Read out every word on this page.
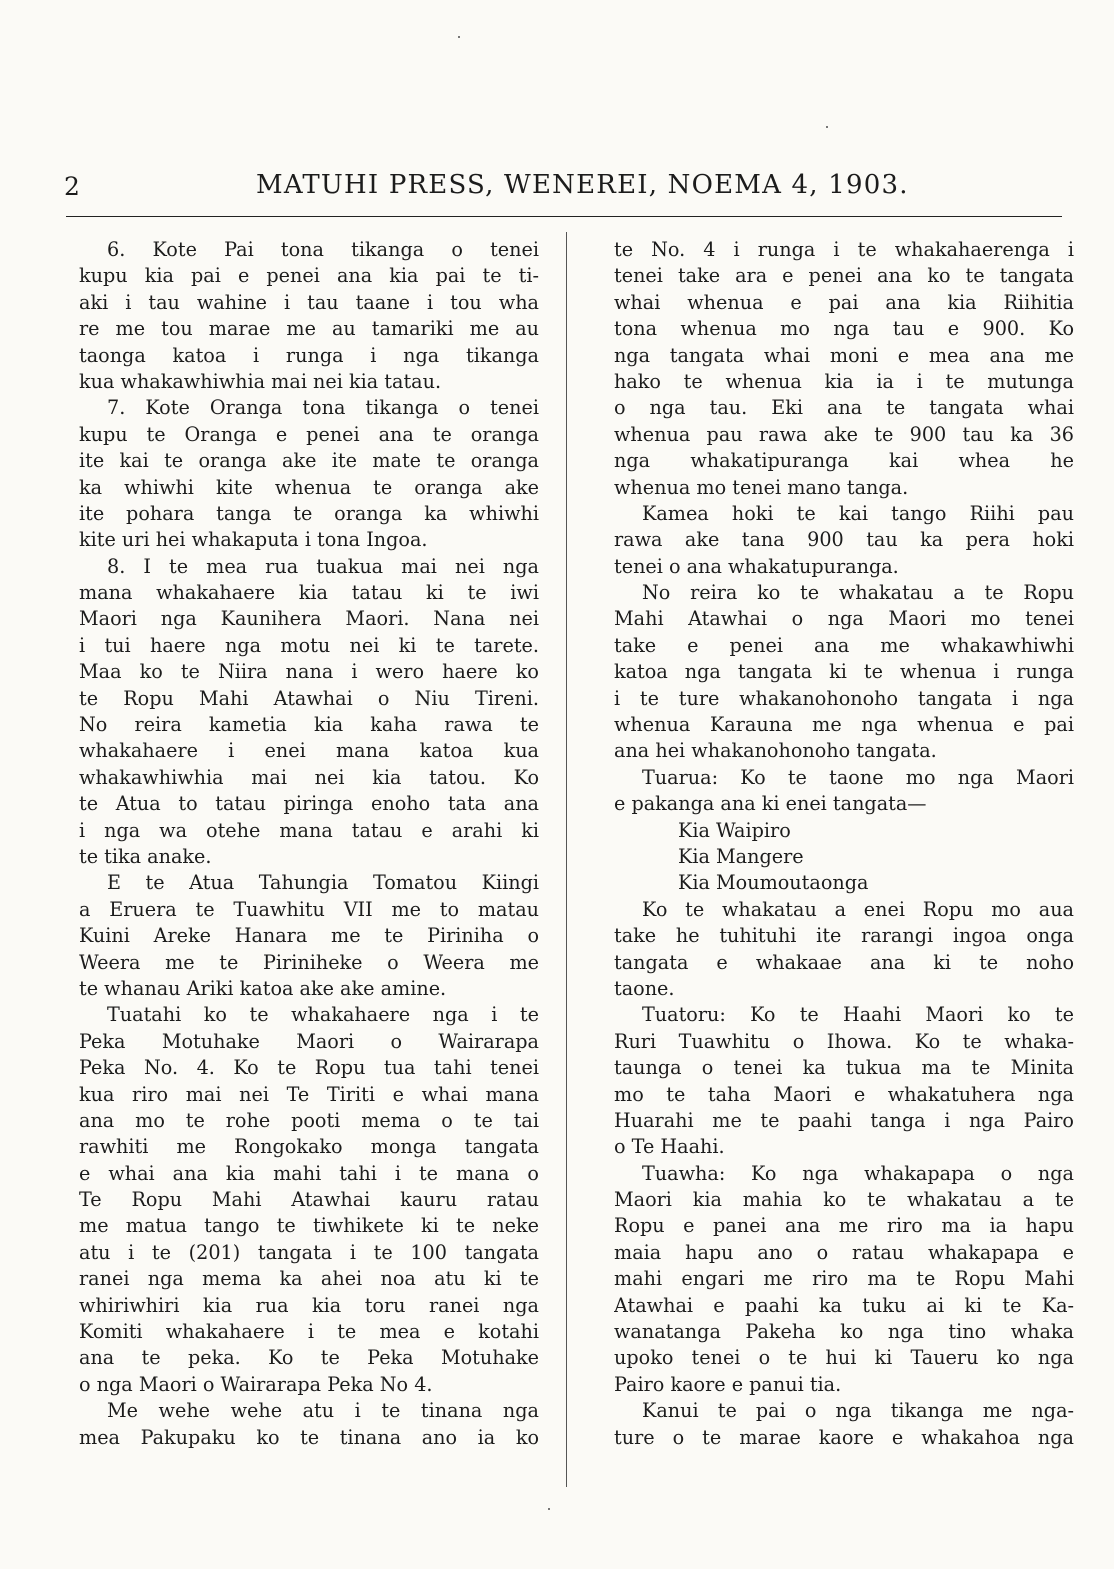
2	MATUHI PRESS, WENEREI, NOEMA 4, 1903.
6. Kote Pai tona tikanga o tenei
kupu kia pai e penei ana kia pai te ti-
aki i tau wahine i tau taane i tou wha
re me tou marae me au tamariki me au
taonga katoa i runga i nga tikanga
kua whakawhiwhia mai nei kia tatau.
7. Kote Oranga tona tikanga o tenei
kupu te Oranga e penei ana te oranga
ite kai te oranga ake ite mate te oranga
ka whiwhi kite whenua te oranga ake
ite pohara tanga te oranga ka whiwhi
kite uri hei whakaputa i tona Ingoa.
8. I te mea rua tuakua mai nei nga
mana whakahaere kia tatau ki te iwi
Maori nga Kaunihera Maori. Nana nei
i tui haere nga motu nei ki te tarete.
Maa ko te Niira nana i wero haere ko
te Ropu Mahi Atawhai o Niu Tireni.
No reira kametia kia kaha rawa te
whakahaere i enei mana katoa kua
whakawhiwhia mai nei kia tatou. Ko
te Atua to tatau piringa enoho tata ana
i nga wa otehe mana tatau e arahi ki
te tika anake.
E te Atua Tahungia Tomatou Kiingi
a Eruera te Tuawhitu VII me to matau
Kuini Areke Hanara me te Piriniha o
Weera me te Piriniheke o Weera me
te whanau Ariki katoa ake ake amine.
Tuatahi ko te whakahaere nga i te
Peka Motuhake Maori o Wairarapa
Peka No. 4. Ko te Ropu tua tahi tenei
kua riro mai nei Te Tiriti e whai mana
ana mo te rohe pooti mema o te tai
rawhiti me Rongokako monga tangata
e whai ana kia mahi tahi i te mana o
Te Ropu Mahi Atawhai kauru ratau
me matua tango te tiwhikete ki te neke
atu i te (201) tangata i te 100 tangata
ranei nga mema ka ahei noa atu ki te
whiriwhiri kia rua kia toru ranei nga
Komiti whakahaere i te mea e kotahi
ana te peka. Ko te Peka Motuhake
o nga Maori o Wairarapa Peka No 4.
Me wehe wehe atu i te tinana nga
mea Pakupaku ko te tinana ano ia ko
te No. 4 i runga i te whakahaerenga i
tenei take ara e penei ana ko te tangata
whai whenua e pai ana kia Riihitia
tona whenua mo nga tau e 900. Ko
nga tangata whai moni e mea ana me
hako te whenua kia ia i te mutunga
o nga tau. Eki ana te tangata whai
whenua pau rawa ake te 900 tau ka 36
nga whakatipuranga kai whea he
whenua mo tenei mano tanga.
Kamea hoki te kai tango Riihi pau
rawa ake tana 900 tau ka pera hoki
tenei o ana whakatupuranga.
No reira ko te whakatau a te Ropu
Mahi Atawhai o nga Maori mo tenei
take e penei ana me whakawhiwhi
katoa nga tangata ki te whenua i runga
i te ture whakanohonoho tangata i nga
whenua Karauna me nga whenua e pai
ana hei whakanohonoho tangata.
Tuarua: Ko te taone mo nga Maori
e pakanga ana ki enei tangata—
Kia Waipiro
Kia Mangere
Kia Moumoutaonga
Ko te whakatau a enei Ropu mo aua
take he tuhituhi ite rarangi ingoa onga
tangata e whakaae ana ki te noho
taone.
Tuatoru: Ko te Haahi Maori ko te
Ruri Tuawhitu o Ihowa. Ko te whaka-
taunga o tenei ka tukua ma te Minita
mo te taha Maori e whakatuhera nga
Huarahi me te paahi tanga i nga Pairo
o Te Haahi.
Tuawha: Ko nga whakapapa o nga
Maori kia mahia ko te whakatau a te
Ropu e panei ana me riro ma ia hapu
maia hapu ano o ratau whakapapa e
mahi engari me riro ma te Ropu Mahi
Atawhai e paahi ka tuku ai ki te Ka-
wanatanga Pakeha ko nga tino whaka
upoko tenei o te hui ki Taueru ko nga
Pairo kaore e panui tia.
Kanui te pai o nga tikanga me nga-
ture o te marae kaore e whakahoa nga
